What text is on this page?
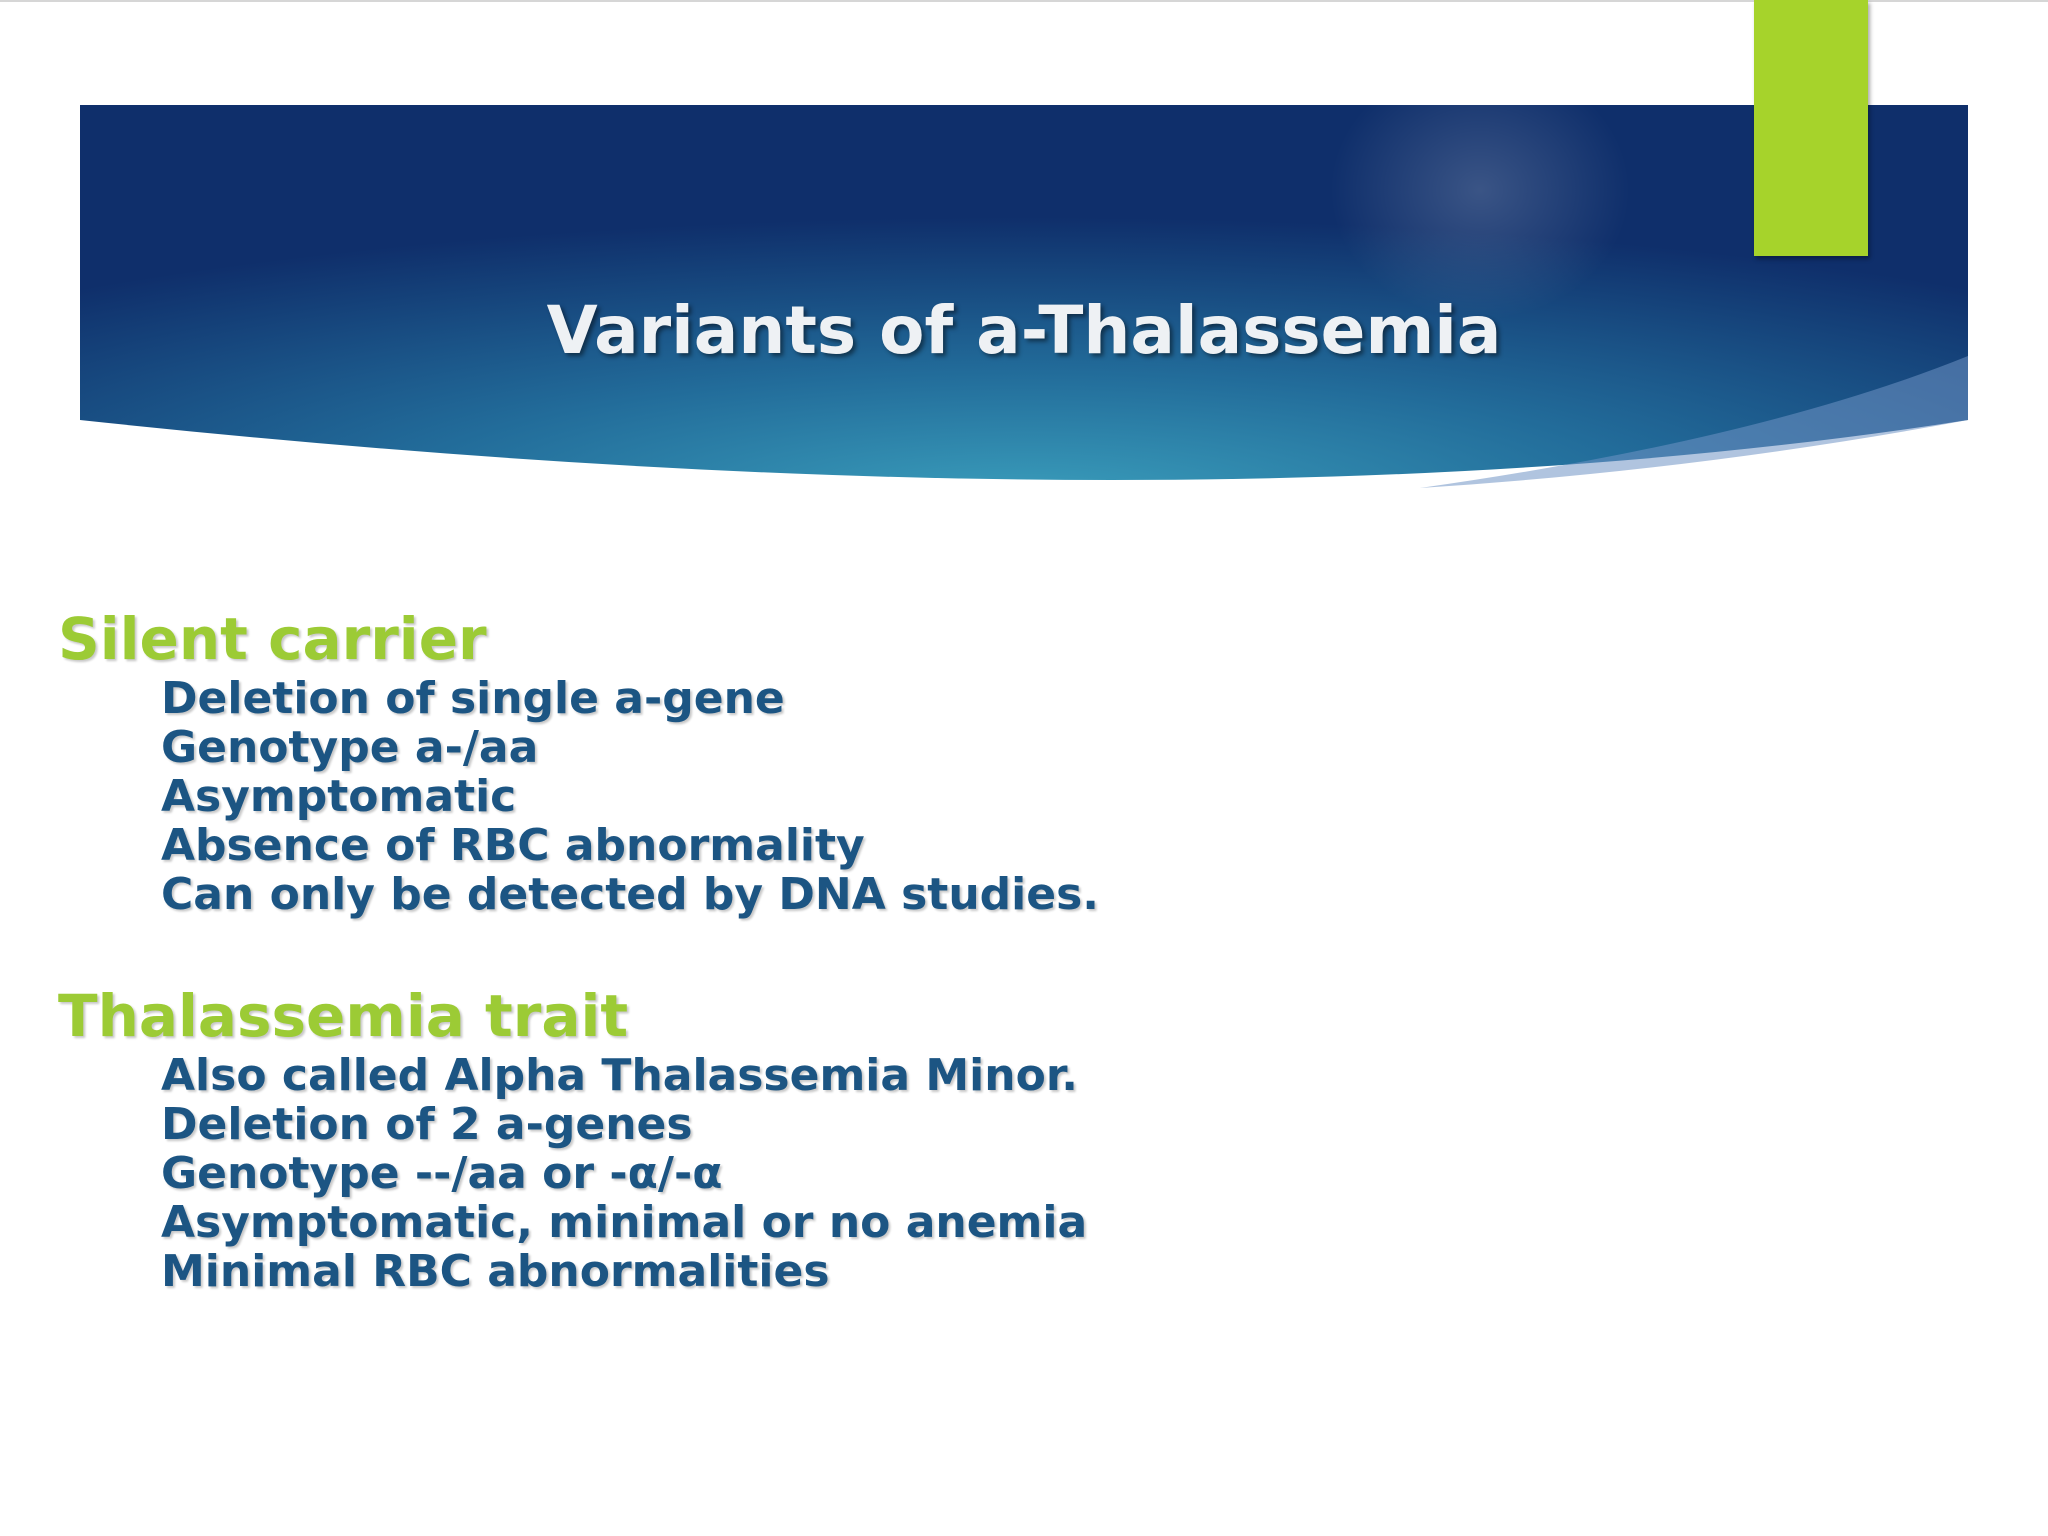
Variants of a-Thalassemia
Silent carrier
Deletion of single a-gene
Genotype a-/aa
Asymptomatic
Absence of RBC abnormality
Can only be detected by DNA studies.
Thalassemia trait
Also called Alpha Thalassemia Minor.
Deletion of 2 a-genes
Genotype --/aa or -α/-α
Asymptomatic, minimal or no anemia
Minimal RBC abnormalities
